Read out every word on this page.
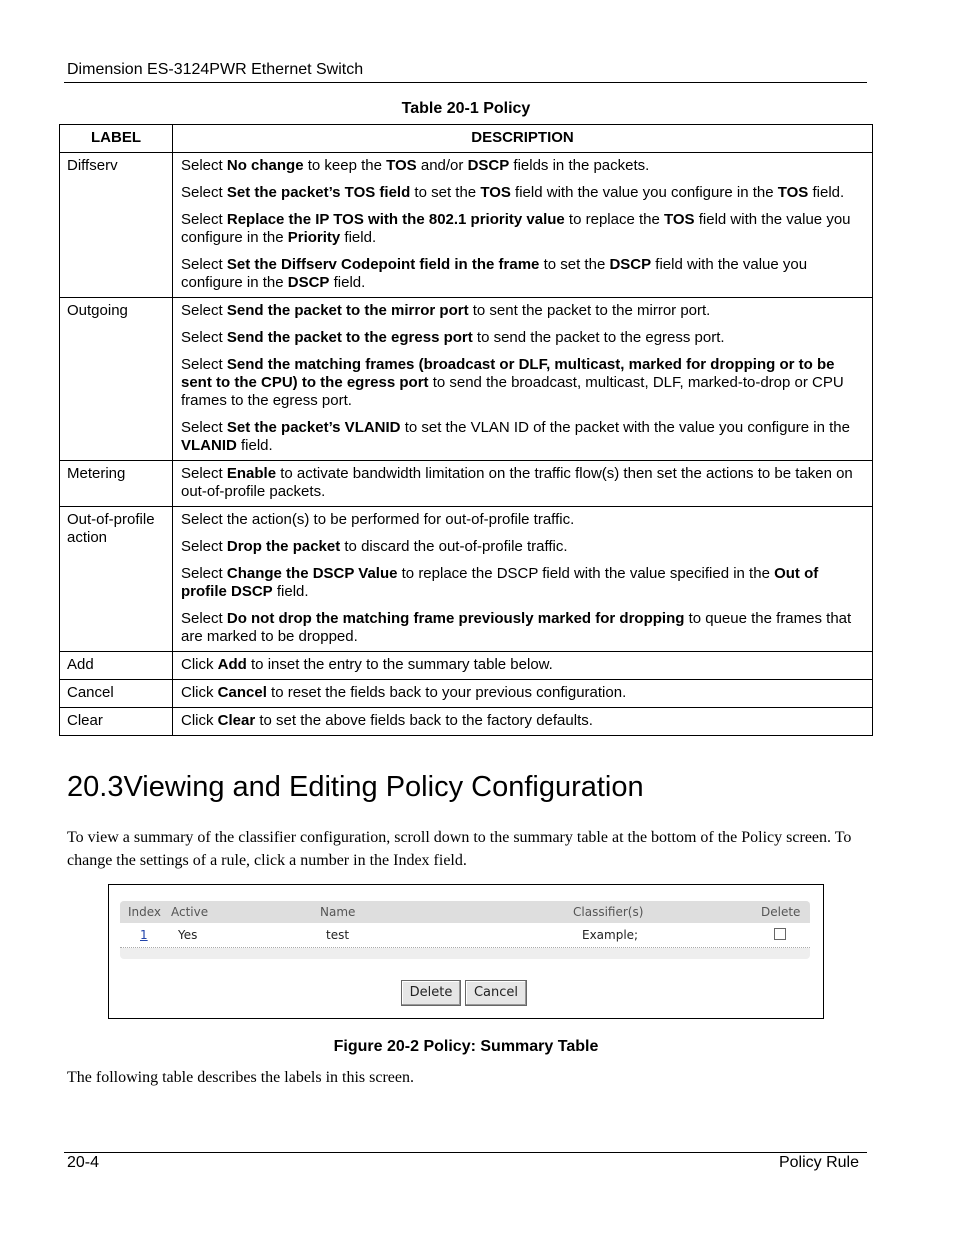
Dimension ES-3124PWR Ethernet Switch
Table 20-1 Policy
LABEL	DESCRIPTION
Diffserv	Select No change to keep the TOS and/or DSCP fields in the packets.

Select Set the packet’s TOS field to set the TOS field with the value you configure in the TOS field.

Select Replace the IP TOS with the 802.1 priority value to replace the TOS field with the value you configure in the Priority field.

Select Set the Diffserv Codepoint field in the frame to set the DSCP field with the value you configure in the DSCP field.

Outgoing	Select Send the packet to the mirror port to sent the packet to the mirror port.

Select Send the packet to the egress port to send the packet to the egress port.

Select Send the matching frames (broadcast or DLF, multicast, marked for dropping or to be sent to the CPU) to the egress port to send the broadcast, multicast, DLF, marked-to-drop or CPU frames to the egress port.

Select Set the packet’s VLANID to set the VLAN ID of the packet with the value you configure in the VLANID field.

Metering	Select Enable to activate bandwidth limitation on the traffic flow(s) then set the actions to be taken on out-of-profile packets.

Out-of-profile action	Select the action(s) to be performed for out-of-profile traffic.

Select Drop the packet to discard the out-of-profile traffic.

Select Change the DSCP Value to replace the DSCP field with the value specified in the Out of profile DSCP field.

Select Do not drop the matching frame previously marked for dropping to queue the frames that are marked to be dropped.

Add	Click Add to inset the entry to the summary table below.

Cancel	Click Cancel to reset the fields back to your previous configuration.

Clear	Click Clear to set the above fields back to the factory defaults.

20.3Viewing and Editing Policy Configuration
To view a summary of the classifier configuration, scroll down to the summary table at the bottom of the Policy screen. To change the settings of a rule, click a number in the Index field.
Index Active	Name	Classifier(s)	Delete
1	Yes	test	Example;
Delete	Cancel
Figure 20-2 Policy: Summary Table
The following table describes the labels in this screen.
20-4	Policy Rule
